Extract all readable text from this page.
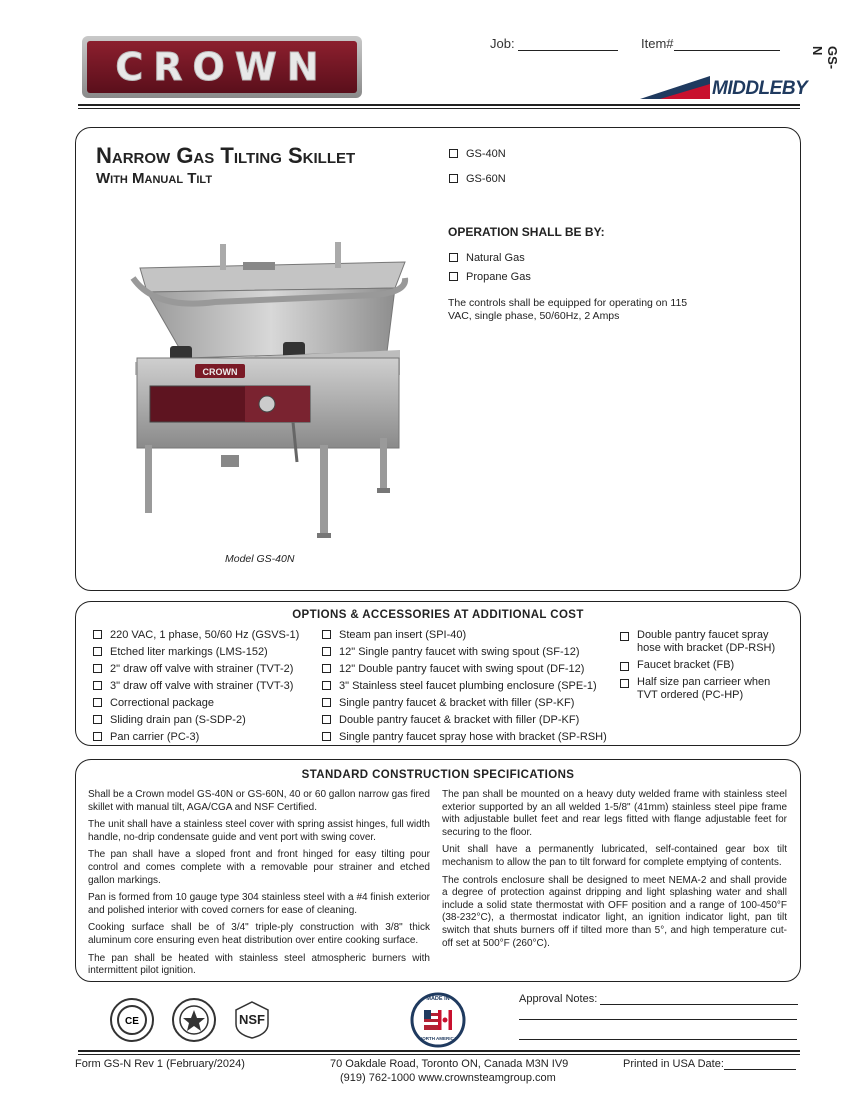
CROWN
Job:	Item#
GS-N
MIDDLEBY
Narrow Gas Tilting Skillet
With Manual Tilt
GS-40N
GS-60N
OPERATION SHALL BE BY:
Natural Gas
Propane Gas
The controls shall be equipped for operating on 115 VAC, single phase, 50/60Hz, 2 Amps
CROWN
Model GS-40N
OPTIONS & ACCESSORIES AT ADDITIONAL COST
220 VAC, 1 phase, 50/60 Hz (GSVS-1)
Etched liter markings (LMS-152)
2" draw off valve with strainer (TVT-2)
3" draw off valve with strainer (TVT-3)
Correctional package
Sliding drain pan (S-SDP-2)
Pan carrier (PC-3)
Steam pan insert (SPI-40)
12" Single pantry faucet with swing spout (SF-12)
12" Double pantry faucet with swing spout (DF-12)
3" Stainless steel faucet plumbing enclosure (SPE-1)
Single pantry faucet & bracket with filler (SP-KF)
Double pantry faucet & bracket with filler (DP-KF)
Single pantry faucet spray hose with bracket (SP-RSH)
Double pantry faucet spray hose with bracket (DP-RSH)
Faucet bracket (FB)
Half size pan carrieer when TVT ordered (PC-HP)
STANDARD CONSTRUCTION SPECIFICATIONS

Shall be a Crown model GS-40N or GS-60N, 40 or 60 gallon narrow gas fired skillet with manual tilt, AGA/CGA and NSF Certified.

The unit shall have a stainless steel cover with spring assist hinges, full width handle, no-drip condensate guide and vent port with swing cover.

The pan shall have a sloped front and front hinged for easy tilting pour control and comes complete with a removable pour strainer and etched gallon markings.

Pan is formed from 10 gauge type 304 stainless steel with a #4 finish exterior and polished interior with coved corners for ease of cleaning.

Cooking surface shall be of 3/4" triple-ply construction with 3/8" thick aluminum core ensuring even heat distribution over entire cooking surface.

The pan shall be heated with stainless steel atmospheric burners with intermittent pilot ignition.

The pan shall be mounted on a heavy duty welded frame with stainless steel exterior supported by an all welded 1-5/8" (41mm) stainless steel pipe frame with adjustable bullet feet and rear legs fitted with flange adjustable feet for securing to the floor.

Unit shall have a permanently lubricated, self-contained gear box tilt mechanism to allow the pan to tilt forward for complete emptying of contents.

The controls enclosure shall be designed to meet NEMA-2 and shall provide a degree of protection against dripping and light splashing water and shall include a solid state thermostat with OFF position and a range of 100-450°F (38-232°C), a thermostat indicator light, an ignition indicator light, pan tilt switch that shuts burners off if tilted more than 5°, and high temperature cut-off set at 500°F (260°C).

CE	NSF
MADE IN
NORTH AMERICA
Approval Notes:
Form GS-N Rev 1 (February/2024)	70 Oakdale Road, Toronto ON, Canada M3N IV9
(919) 762-1000 www.crownsteamgroup.com
Printed in USA Date:
